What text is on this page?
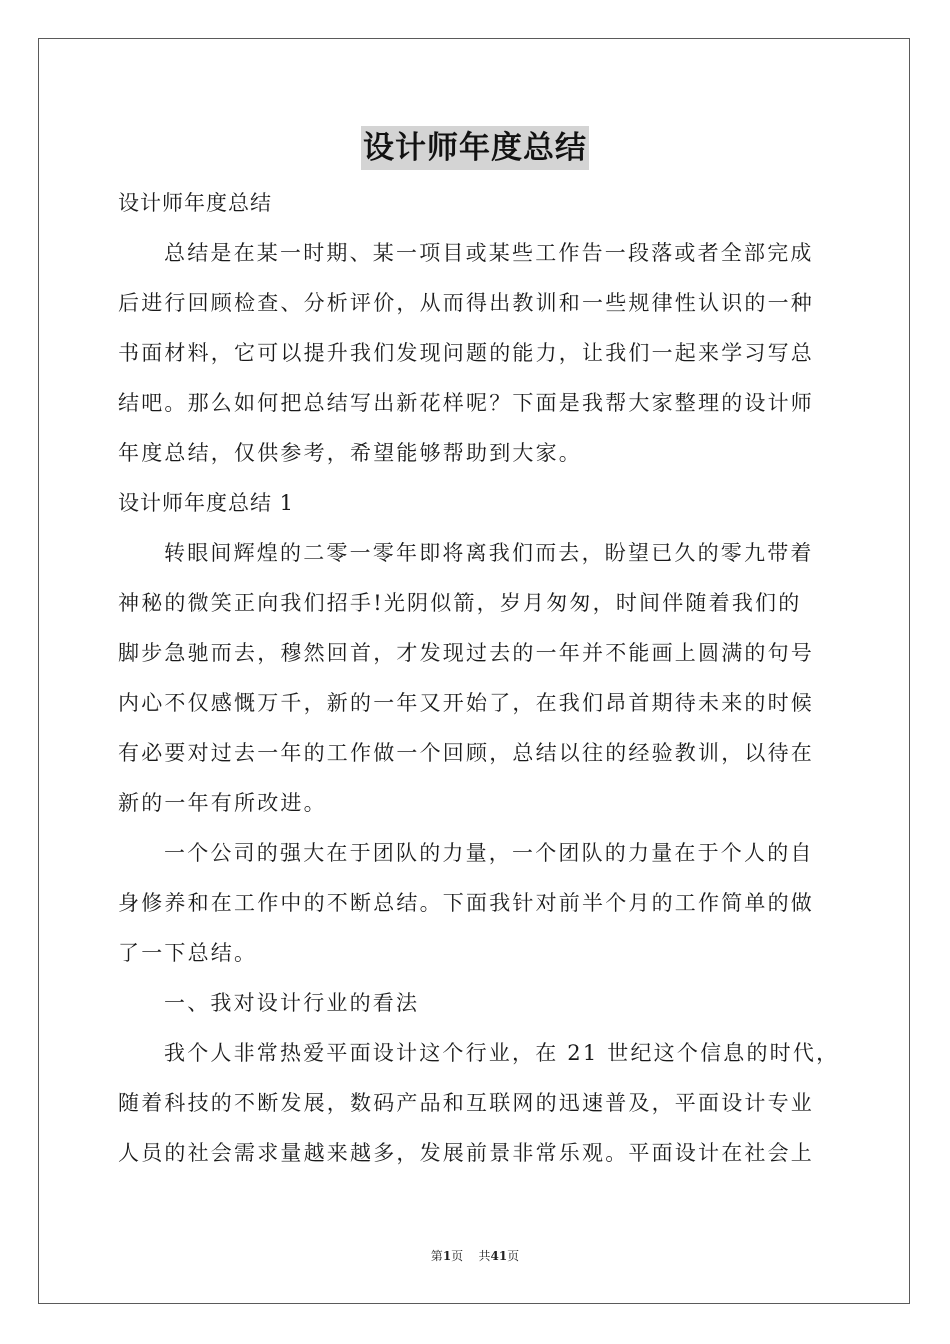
设计师年度总结
设计师年度总结
总结是在某一时期、某一项目或某些工作告一段落或者全部完成
后进行回顾检查、分析评价，从而得出教训和一些规律性认识的一种
书面材料，它可以提升我们发现问题的能力，让我们一起来学习写总
结吧。那么如何把总结写出新花样呢？下面是我帮大家整理的设计师
年度总结，仅供参考，希望能够帮助到大家。
设计师年度总结 1
转眼间辉煌的二零一零年即将离我们而去，盼望已久的零九带着
神秘的微笑正向我们招手!光阴似箭，岁月匆匆，时间伴随着我们的
脚步急驰而去，穆然回首，才发现过去的一年并不能画上圆满的句号
内心不仅感慨万千，新的一年又开始了，在我们昂首期待未来的时候
有必要对过去一年的工作做一个回顾，总结以往的经验教训，以待在
新的一年有所改进。
一个公司的强大在于团队的力量，一个团队的力量在于个人的自
身修养和在工作中的不断总结。下面我针对前半个月的工作简单的做
了一下总结。
一、我对设计行业的看法
我个人非常热爱平面设计这个行业，在 21 世纪这个信息的时代，
随着科技的不断发展，数码产品和互联网的迅速普及，平面设计专业
人员的社会需求量越来越多，发展前景非常乐观。平面设计在社会上
第1页 共41页
